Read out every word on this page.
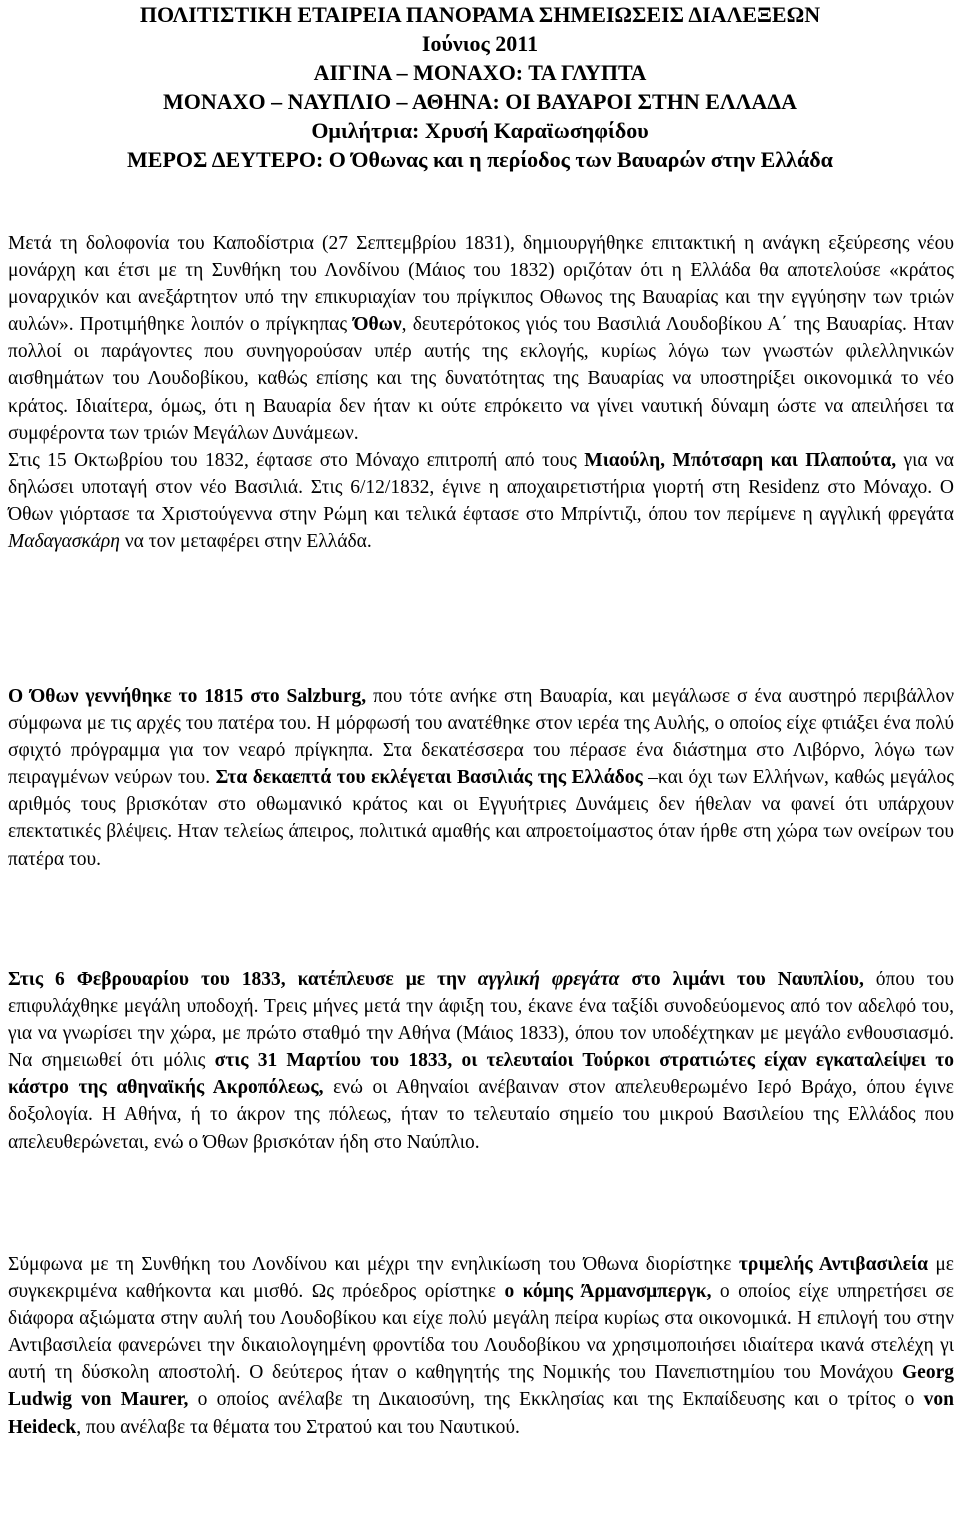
ΠΟΛΙΤΙΣΤΙΚΗ ΕΤΑΙΡΕΙΑ ΠΑΝΟΡΑΜΑ ΣΗΜΕΙΩΣΕΙΣ ΔΙΑΛΕΞΕΩΝ
Ιούνιος 2011
ΑΙΓΙΝΑ – ΜΟΝΑΧΟ: ΤΑ ΓΛΥΠΤΑ
ΜΟΝΑΧΟ – ΝΑΥΠΛΙΟ – ΑΘΗΝΑ: ΟΙ ΒΑΥΑΡΟΙ ΣΤΗΝ ΕΛΛΑΔΑ
Ομιλήτρια: Χρυσή Καραϊωσηφίδου
ΜΕΡΟΣ ΔΕΥΤΕΡΟ: Ο Όθωνας και η περίοδος των Βαυαρών στην Ελλάδα

Μετά τη δολοφονία του Καποδίστρια (27 Σεπτεμβρίου 1831), δημιουργήθηκε επιτακτική η ανάγκη εξεύρεσης νέου μονάρχη και έτσι με τη Συνθήκη του Λονδίνου (Μάιος του 1832) οριζόταν ότι η Ελλάδα θα αποτελούσε «κράτος μοναρχικόν και ανεξάρτητον υπό την επικυριαχίαν του πρίγκιπος Οθωνος της Βαυαρίας και την εγγύησην των τριών αυλών». Προτιμήθηκε λοιπόν ο πρίγκηπας Όθων, δευτερότοκος γιός του Βασιλιά Λουδοβίκου Α΄ της Βαυαρίας. Ηταν πολλοί οι παράγοντες που συνηγορούσαν υπέρ αυτής της εκλογής, κυρίως λόγω των γνωστών φιλελληνικών αισθημάτων του Λουδοβίκου, καθώς επίσης και της δυνατότητας της Βαυαρίας να υποστηρίξει οικονομικά το νέο κράτος. Ιδιαίτερα, όμως, ότι η Βαυαρία δεν ήταν κι ούτε επρόκειτο να γίνει ναυτική δύναμη ώστε να απειλήσει τα συμφέροντα των τριών Μεγάλων Δυνάμεων.

Στις 15 Οκτωβρίου του 1832, έφτασε στο Μόναχο επιτροπή από τους Μιαούλη, Μπότσαρη και Πλαπούτα, για να δηλώσει υποταγή στον νέο Βασιλιά. Στις 6/12/1832, έγινε η αποχαιρετιστήρια γιορτή στη Residenz στο Μόναχο. Ο Όθων γιόρτασε τα Χριστούγεννα στην Ρώμη και τελικά έφτασε στο Μπρίντιζι, όπου τον περίμενε η αγγλική φρεγάτα Μαδαγασκάρη να τον μεταφέρει στην Ελλάδα.

Ο Όθων γεννήθηκε το 1815 στο Salzburg, που τότε ανήκε στη Βαυαρία, και μεγάλωσε σ ένα αυστηρό περιβάλλον σύμφωνα με τις αρχές του πατέρα του. Η μόρφωσή του ανατέθηκε στον ιερέα της Αυλής, ο οποίος είχε φτιάξει ένα πολύ σφιχτό πρόγραμμα για τον νεαρό πρίγκηπα. Στα δεκατέσσερα του πέρασε ένα διάστημα στο Λιβόρνο, λόγω των πειραγμένων νεύρων του. Στα δεκαεπτά του εκλέγεται Βασιλιάς της Ελλάδος –και όχι των Ελλήνων, καθώς μεγάλος αριθμός τους βρισκόταν στο οθωμανικό κράτος και οι Εγγυήτριες Δυνάμεις δεν ήθελαν να φανεί ότι υπάρχουν επεκτατικές βλέψεις. Ηταν τελείως άπειρος, πολιτικά αμαθής και απροετοίμαστος όταν ήρθε στη χώρα των ονείρων του πατέρα του.

Στις 6 Φεβρουαρίου του 1833, κατέπλευσε με την αγγλική φρεγάτα στο λιμάνι του Ναυπλίου, όπου του επιφυλάχθηκε μεγάλη υποδοχή. Τρεις μήνες μετά την άφιξη του, έκανε ένα ταξίδι συνοδεύομενος από τον αδελφό του, για να γνωρίσει την χώρα, με πρώτο σταθμό την Αθήνα (Μάιος 1833), όπου τον υποδέχτηκαν με μεγάλο ενθουσιασμό. Να σημειωθεί ότι μόλις στις 31 Μαρτίου του 1833, οι τελευταίοι Τούρκοι στρατιώτες είχαν εγκαταλείψει το κάστρο της αθηναϊκής Ακροπόλεως, ενώ οι Αθηναίοι ανέβαιναν στον απελευθερωμένο Ιερό Βράχο, όπου έγινε δοξολογία. Η Αθήνα, ή το άκρον της πόλεως, ήταν το τελευταίο σημείο του μικρού Βασιλείου της Ελλάδος που απελευθερώνεται, ενώ ο Όθων βρισκόταν ήδη στο Ναύπλιο.

Σύμφωνα με τη Συνθήκη του Λονδίνου και μέχρι την ενηλικίωση του Όθωνα διορίστηκε τριμελής Αντιβασιλεία με συγκεκριμένα καθήκοντα και μισθό. Ως πρόεδρος ορίστηκε ο κόμης Άρμανσμπεργκ, ο οποίος είχε υπηρετήσει σε διάφορα αξιώματα στην αυλή του Λουδοβίκου και είχε πολύ μεγάλη πείρα κυρίως στα οικονομικά. Η επιλογή του στην Αντιβασιλεία φανερώνει την δικαιολογημένη φροντίδα του Λουδοβίκου να χρησιμοποιήσει ιδιαίτερα ικανά στελέχη γι αυτή τη δύσκολη αποστολή. Ο δεύτερος ήταν ο καθηγητής της Νομικής του Πανεπιστημίου του Μονάχου Georg Ludwig von Maurer, ο οποίος ανέλαβε τη Δικαιοσύνη, της Εκκλησίας και της Εκπαίδευσης και ο τρίτος ο von Heideck, που ανέλαβε τα θέματα του Στρατού και του Ναυτικού.
